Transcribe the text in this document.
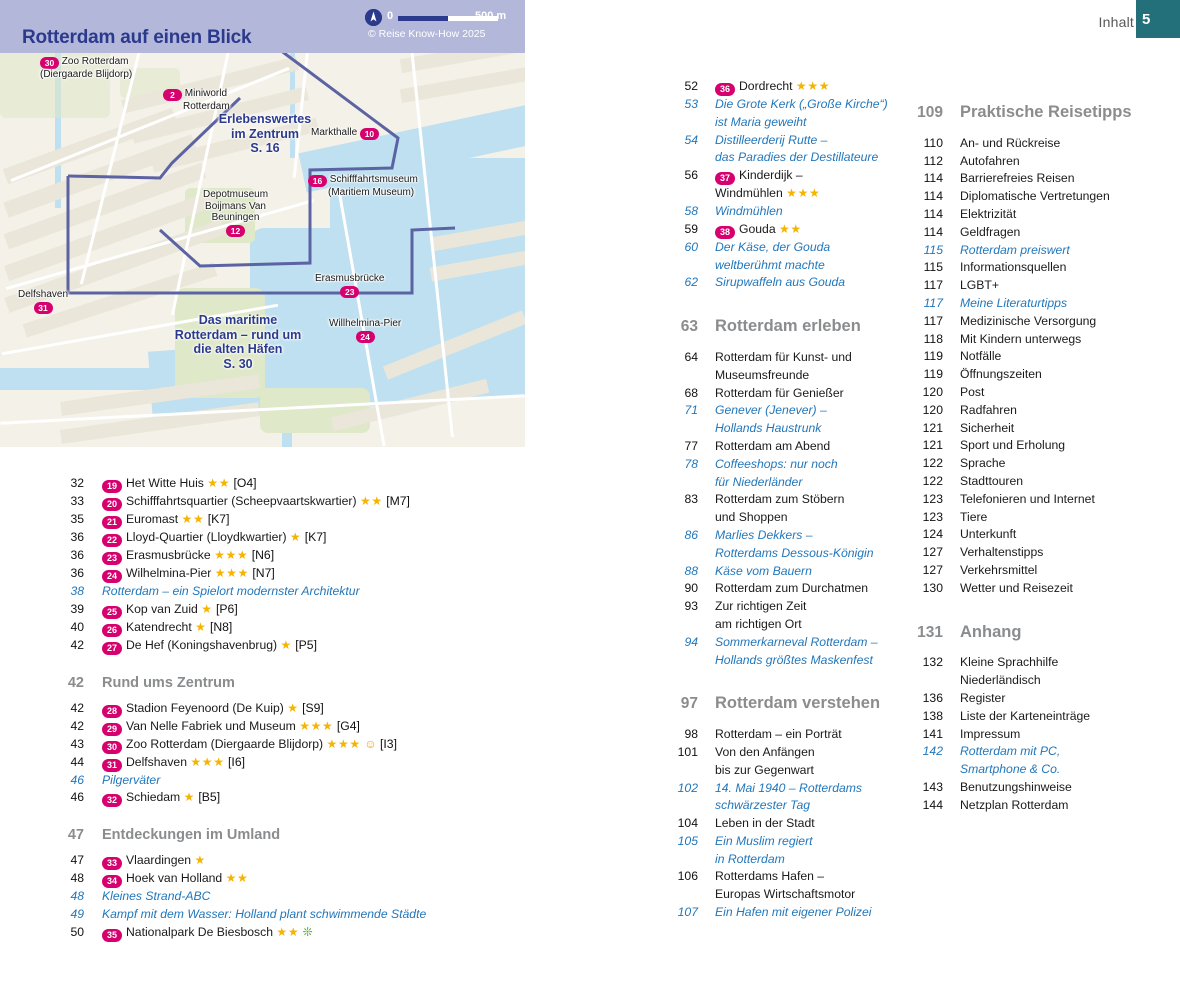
Inhalt 5
30 Zoo Rotterdam
(Diergaarde Blijdorp)
2 Miniworld
Rotterdam
Markthalle 10
16 Schifffahrtsmuseum
(Maritiem Museum)
Depotmuseum
Boijmans Van
Beuningen
12
Delfshaven
31
Erasmusbrücke
23
Willhelmina-Pier
24
Erlebenswertes
im Zentrum
S. 16
Das maritime
Rotterdam – rund um
die alten Häfen
S. 30
Rotterdam auf einen Blick
0	500 m
© Reise Know-How 2025
32	19 Het Witte Huis ★★ [O4]
33	20 Schifffahrtsquartier (Scheepvaartskwartier) ★★ [M7]
35	21 Euromast ★★ [K7]
36	22 Lloyd-Quartier (Lloydkwartier) ★ [K7]
36	23 Erasmusbrücke ★★★ [N6]
36	24 Wilhelmina-Pier ★★★ [N7]
38 Rotterdam – ein Spielort modernster Architektur
39	25 Kop van Zuid ★ [P6]
40	26 Katendrecht ★ [N8]
42	27 De Hef (Koningshavenbrug) ★ [P5]
42 Rund ums Zentrum
42	28 Stadion Feyenoord (De Kuip) ★ [S9]
42	29 Van Nelle Fabriek und Museum ★★★ [G4]
43	30 Zoo Rotterdam (Diergaarde Blijdorp) ★★★ ☺ [I3]
44	31 Delfshaven ★★★ [I6]
46 Pilgerväter
46	32 Schiedam ★ [B5]
47 Entdeckungen im Umland
47	33 Vlaardingen ★
48	34 Hoek van Holland ★★
48 Kleines Strand-ABC
49 Kampf mit dem Wasser: Holland plant schwimmende Städte
50	35 Nationalpark De Biesbosch ★★ ❊
52	36 Dordrecht ★★★
53 Die Grote Kerk („Große Kirche“)
ist Maria geweiht
54 Distilleerderij Rutte –
das Paradies der Destillateure
56	37 Kinderdijk –
Windmühlen ★★★
58 Windmühlen
59	38 Gouda ★★
60 Der Käse, der Gouda
weltberühmt machte
62 Sirupwaffeln aus Gouda
63 Rotterdam erleben
64 Rotterdam für Kunst- und
Museumsfreunde
68 Rotterdam für Genießer
71 Genever (Jenever) –
Hollands Haustrunk
77 Rotterdam am Abend
78 Coffeeshops: nur noch
für Niederländer
83 Rotterdam zum Stöbern
und Shoppen
86 Marlies Dekkers –
Rotterdams Dessous-Königin
88 Käse vom Bauern
90 Rotterdam zum Durchatmen
93 Zur richtigen Zeit
am richtigen Ort
94 Sommerkarneval Rotterdam –
Hollands größtes Maskenfest
97 Rotterdam verstehen
98 Rotterdam – ein Porträt
101 Von den Anfängen
bis zur Gegenwart
102 14. Mai 1940 – Rotterdams
schwärzester Tag
104 Leben in der Stadt
105 Ein Muslim regiert
in Rotterdam
106 Rotterdams Hafen –
Europas Wirtschaftsmotor
107 Ein Hafen mit eigener Polizei
109 Praktische Reisetipps
110 An- und Rückreise
112 Autofahren
114 Barrierefreies Reisen
114 Diplomatische Vertretungen
114 Elektrizität
114 Geldfragen
115 Rotterdam preiswert
115 Informationsquellen
117 LGBT+
117 Meine Literaturtipps
117 Medizinische Versorgung
118 Mit Kindern unterwegs
119 Notfälle
119 Öffnungszeiten
120 Post
120 Radfahren
121 Sicherheit
121 Sport und Erholung
122 Sprache
122 Stadttouren
123 Telefonieren und Internet
123 Tiere
124 Unterkunft
127 Verhaltenstipps
127 Verkehrsmittel
130 Wetter und Reisezeit
131 Anhang
132 Kleine Sprachhilfe
Niederländisch
136 Register
138 Liste der Karteneinträge
141 Impressum
142 Rotterdam mit PC,
Smartphone & Co.
143 Benutzungshinweise
144 Netzplan Rotterdam
